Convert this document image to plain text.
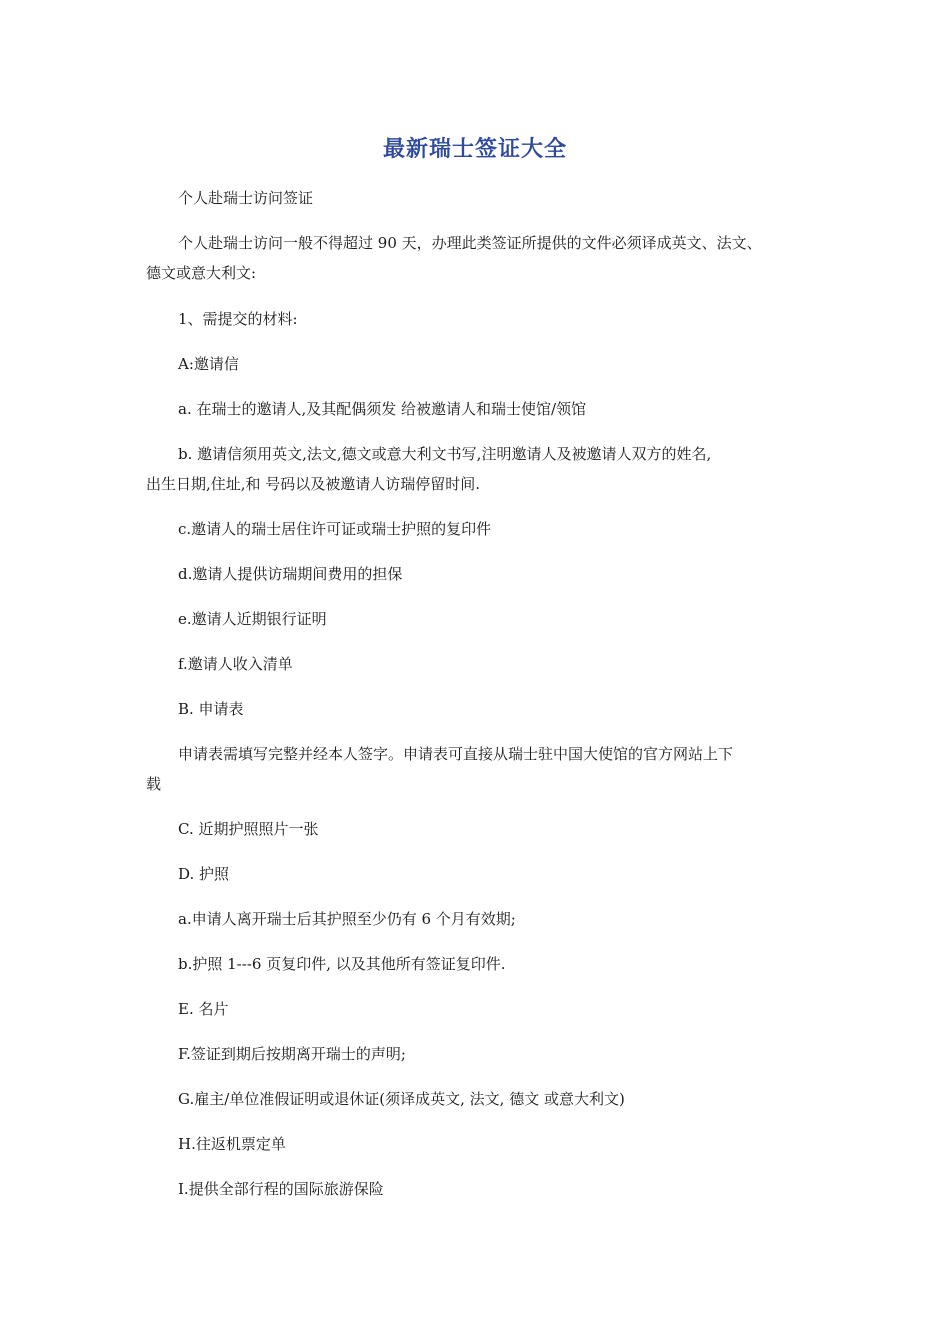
最新瑞士签证大全
个人赴瑞士访问签证
个人赴瑞士访问一般不得超过 90 天，办理此类签证所提供的文件必须译成英文、法文、
德文或意大利文:
1、需提交的材料:
A:邀请信
a. 在瑞士的邀请人,及其配偶须发 给被邀请人和瑞士使馆/领馆
b. 邀请信须用英文,法文,德文或意大利文书写,注明邀请人及被邀请人双方的姓名,
出生日期,住址,和 号码以及被邀请人访瑞停留时间.
c.邀请人的瑞士居住许可证或瑞士护照的复印件
d.邀请人提供访瑞期间费用的担保
e.邀请人近期银行证明
f.邀请人收入清单
B. 申请表
申请表需填写完整并经本人签字。申请表可直接从瑞士驻中国大使馆的官方网站上下
载
C. 近期护照照片一张
D. 护照
a.申请人离开瑞士后其护照至少仍有 6 个月有效期;
b.护照 1---6 页复印件, 以及其他所有签证复印件.
E. 名片
F.签证到期后按期离开瑞士的声明;
G.雇主/单位准假证明或退休证(须译成英文, 法文, 德文 或意大利文)
H.往返机票定单
I.提供全部行程的国际旅游保险
